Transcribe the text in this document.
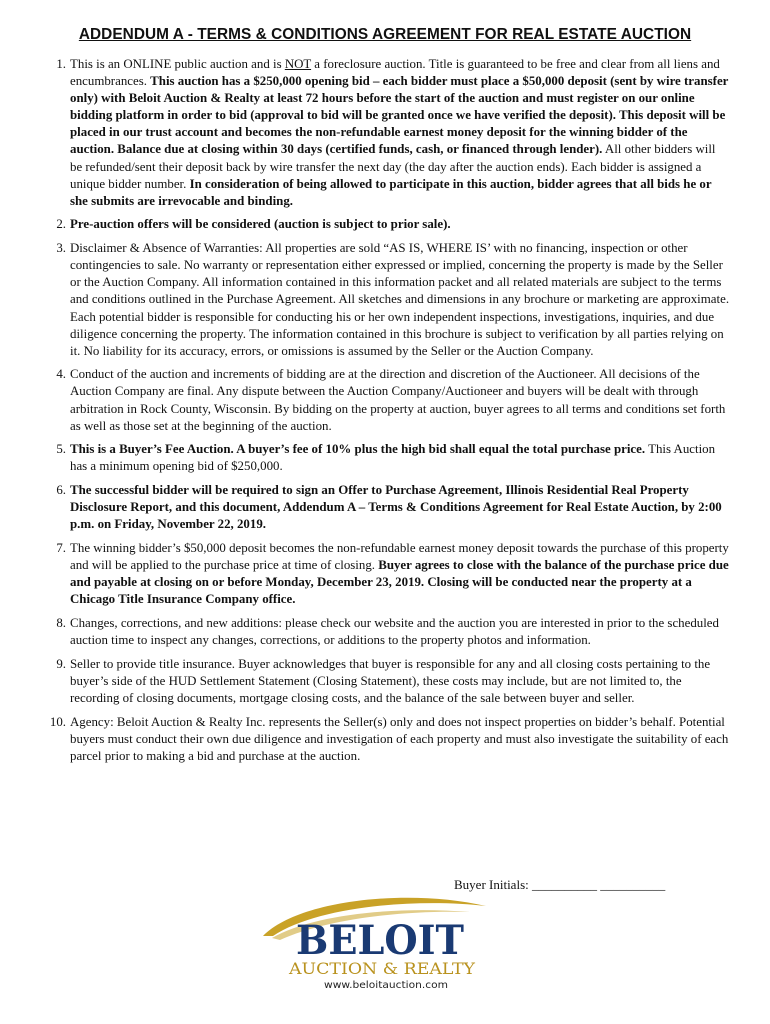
ADDENDUM A - TERMS & CONDITIONS AGREEMENT FOR REAL ESTATE AUCTION
1. This is an ONLINE public auction and is NOT a foreclosure auction. Title is guaranteed to be free and clear from all liens and encumbrances. This auction has a $250,000 opening bid – each bidder must place a $50,000 deposit (sent by wire transfer only) with Beloit Auction & Realty at least 72 hours before the start of the auction and must register on our online bidding platform in order to bid (approval to bid will be granted once we have verified the deposit). This deposit will be placed in our trust account and becomes the non-refundable earnest money deposit for the winning bidder of the auction. Balance due at closing within 30 days (certified funds, cash, or financed through lender). All other bidders will be refunded/sent their deposit back by wire transfer the next day (the day after the auction ends). Each bidder is assigned a unique bidder number. In consideration of being allowed to participate in this auction, bidder agrees that all bids he or she submits are irrevocable and binding.
2. Pre-auction offers will be considered (auction is subject to prior sale).
3. Disclaimer & Absence of Warranties: All properties are sold “AS IS, WHERE IS’ with no financing, inspection or other contingencies to sale. No warranty or representation either expressed or implied, concerning the property is made by the Seller or the Auction Company. All information contained in this information packet and all related materials are subject to the terms and conditions outlined in the Purchase Agreement. All sketches and dimensions in any brochure or marketing are approximate. Each potential bidder is responsible for conducting his or her own independent inspections, investigations, inquiries, and due diligence concerning the property. The information contained in this brochure is subject to verification by all parties relying on it. No liability for its accuracy, errors, or omissions is assumed by the Seller or the Auction Company.
4. Conduct of the auction and increments of bidding are at the direction and discretion of the Auctioneer. All decisions of the Auction Company are final. Any dispute between the Auction Company/Auctioneer and buyers will be dealt with through arbitration in Rock County, Wisconsin. By bidding on the property at auction, buyer agrees to all terms and conditions set forth as well as those set at the beginning of the auction.
5. This is a Buyer’s Fee Auction. A buyer’s fee of 10% plus the high bid shall equal the total purchase price. This Auction has a minimum opening bid of $250,000.
6. The successful bidder will be required to sign an Offer to Purchase Agreement, Illinois Residential Real Property Disclosure Report, and this document, Addendum A – Terms & Conditions Agreement for Real Estate Auction, by 2:00 p.m. on Friday, November 22, 2019.
7. The winning bidder’s $50,000 deposit becomes the non-refundable earnest money deposit towards the purchase of this property and will be applied to the purchase price at time of closing. Buyer agrees to close with the balance of the purchase price due and payable at closing on or before Monday, December 23, 2019. Closing will be conducted near the property at a Chicago Title Insurance Company office.
8. Changes, corrections, and new additions: please check our website and the auction you are interested in prior to the scheduled auction time to inspect any changes, corrections, or additions to the property photos and information.
9. Seller to provide title insurance. Buyer acknowledges that buyer is responsible for any and all closing costs pertaining to the buyer’s side of the HUD Settlement Statement (Closing Statement), these costs may include, but are not limited to, the recording of closing documents, mortgage closing costs, and the balance of the sale between buyer and seller.
10. Agency: Beloit Auction & Realty Inc. represents the Seller(s) only and does not inspect properties on bidder’s behalf. Potential buyers must conduct their own due diligence and investigation of each property and must also investigate the suitability of each parcel prior to making a bid and purchase at the auction.
Buyer Initials: __________ __________
BELOIT
AUCTION & REALTY
www.beloitauction.com
